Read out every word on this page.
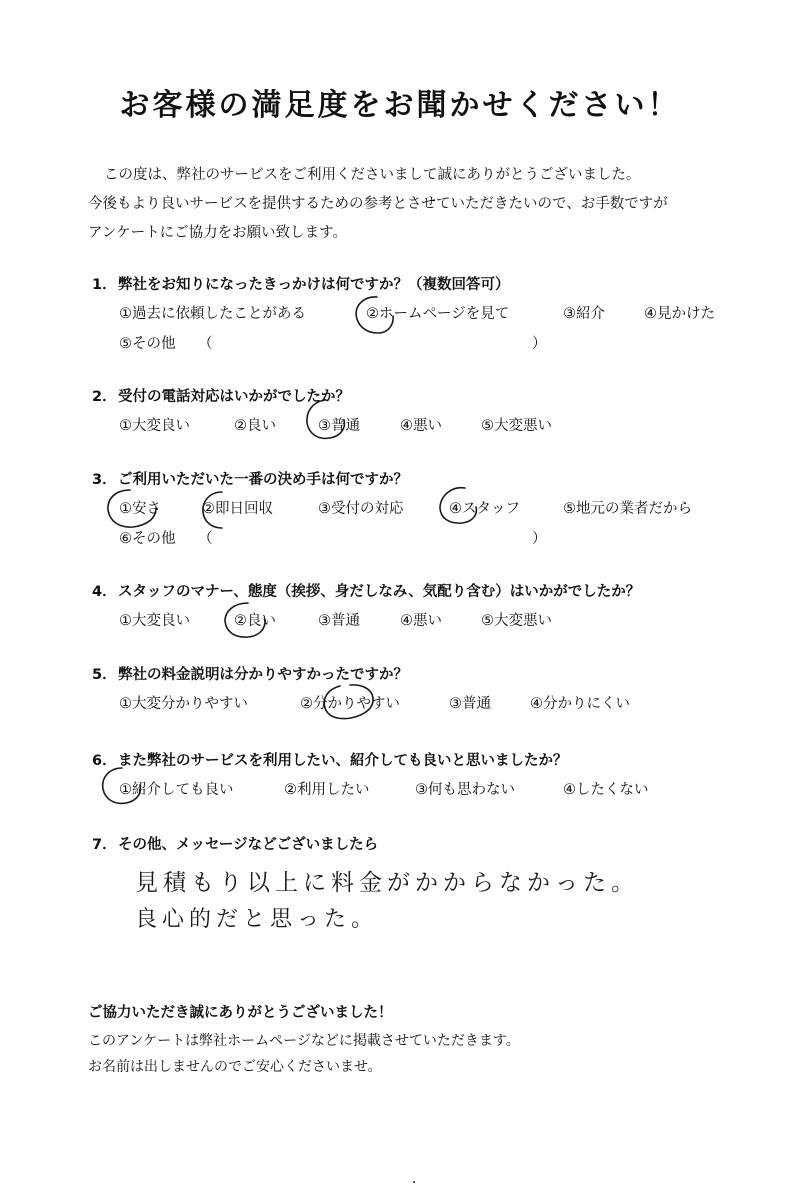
お客様の満足度をお聞かせください！

この度は、弊社のサービスをご利用くださいまして誠にありがとうございました。

今後もより良いサービスを提供するための参考とさせていただきたいので、お手数ですが

アンケートにご協力をお願い致します。

1．弊社をお知りになったきっかけは何ですか？（複数回答可）
①過去に依頼したことがある	②ホームページを見て	③紹介	④見かけた
⑤その他 （	）
2．受付の電話対応はいかがでしたか？
①大変良い	②良い	③普通	④悪い	⑤大変悪い
3．ご利用いただいた一番の決め手は何ですか？
①安さ	②即日回収	③受付の対応	④スタッフ	⑤地元の業者だから
⑥その他 （	）
4．スタッフのマナー、態度（挨拶、身だしなみ、気配り含む）はいかがでしたか？
①大変良い	②良い	③普通	④悪い	⑤大変悪い
5．弊社の料金説明は分かりやすかったですか？
①大変分かりやすい	②分かりやすい	③普通	④分かりにくい
6．また弊社のサービスを利用したい、紹介しても良いと思いましたか？
①紹介しても良い	②利用したい	③何も思わない	④したくない
7．その他、メッセージなどございましたら
見積もり以上に料金がかからなかった。
良心的だと思った。

ご協力いただき誠にありがとうございました！

このアンケートは弊社ホームページなどに掲載させていただきます。

お名前は出しませんのでご安心くださいませ。
